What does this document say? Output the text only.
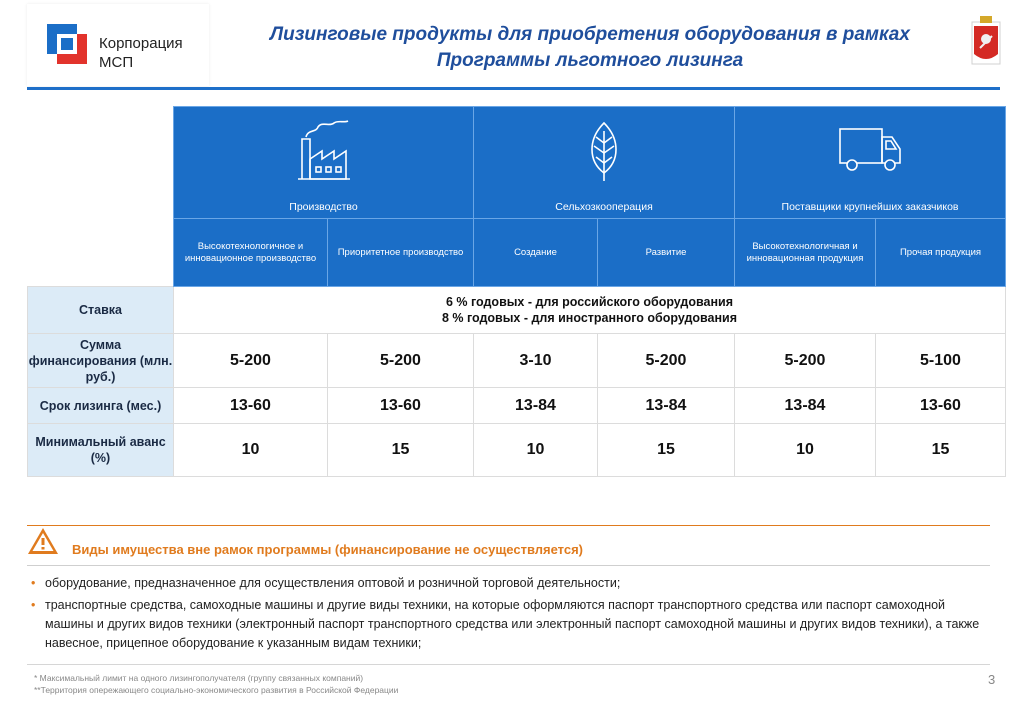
Корпорация
МСП
Лизинговые продукты для приобретения оборудования в рамках
Программы льготного лизинга

	Производство		Сельхозкооперация		Поставщики крупнейших заказчиков	

	Высокотехнологичное и инновационное производство	Приоритетное производство	Создание	Развитие	Высокотехнологичная и инновационная продукция	Прочая продукция
Ставка	6 % годовых - для российского оборудования
8 % годовых - для иностранного оборудования					

Сумма финансирования (млн. руб.)	5-200	5-200	3-10	5-200	5-200	5-100
Срок лизинга (мес.)	13-60	13-60	13-84	13-84	13-84	13-60
Минимальный аванс (%)	10	15	10	15	10	15
Виды имущества вне рамок программы (финансирование не осуществляется)
• оборудование, предназначенное для осуществления оптовой и розничной торговой деятельности;
• транспортные средства, самоходные машины и другие виды техники, на которые оформляются паспорт транспортного средства или паспорт самоходной машины и других видов техники (электронный паспорт транспортного средства или электронный паспорт самоходной машины и других видов техники), а также навесное, прицепное оборудование к указанным видам техники;
* Максимальный лимит на одного лизингополучателя (группу связанных компаний)
**Территория опережающего социально-экономического развития в Российской Федерации
3
